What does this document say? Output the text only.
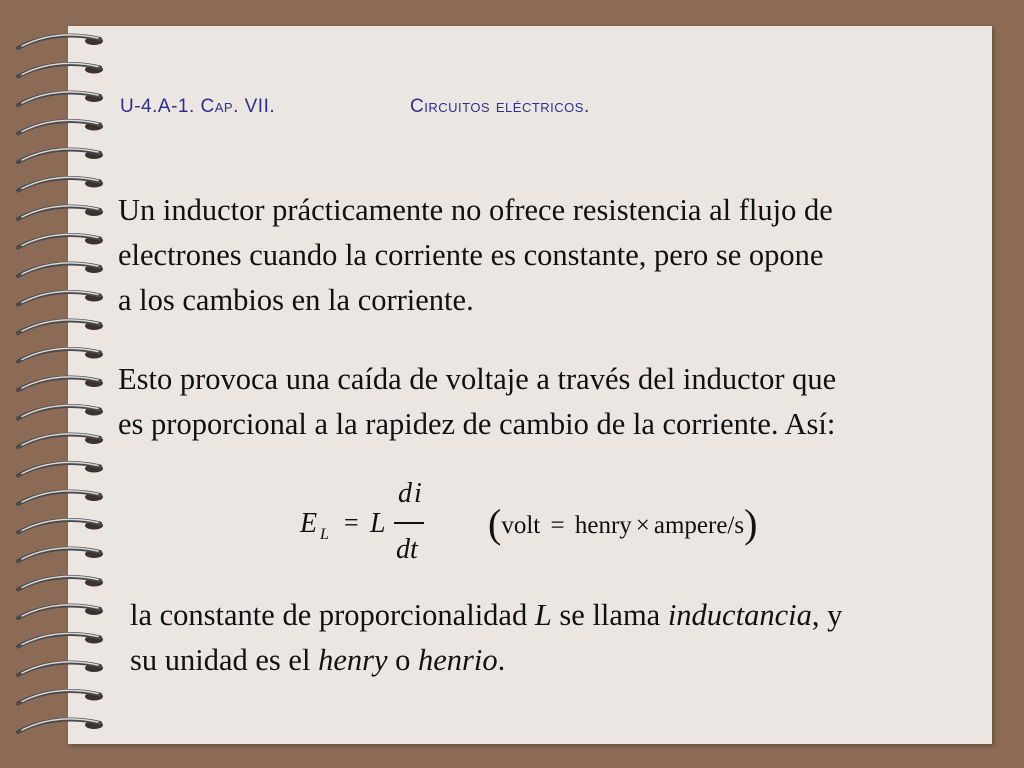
U-4.A-1. Cap. VII.	Circuitos eléctricos.
Un inductor prácticamente no ofrece resistencia al flujo de
electrones cuando la corriente es constante, pero se opone
a los cambios en la corriente.
Esto provoca una caída de voltaje a través del inductor que
es proporcional a la rapidez de cambio de la corriente. Así:
E L = L
di
dt
(volt = henry × ampere/s)
la constante de proporcionalidad L se llama inductancia, y
su unidad es el henry o henrio.
